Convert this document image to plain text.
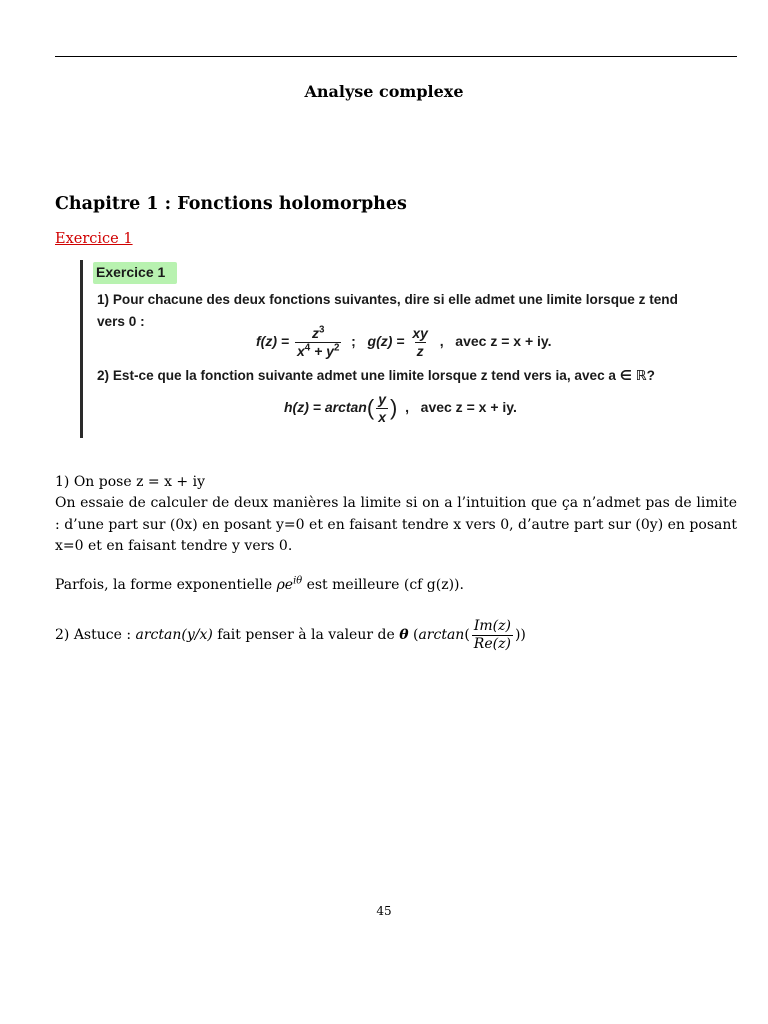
Analyse complexe
Chapitre 1 : Fonctions holomorphes
Exercice 1
Exercice 1
1) Pour chacune des deux fonctions suivantes, dire si elle admet une limite lorsque z tend
vers 0 :
$f(z) = \frac{z^3}{x^4 + y^2}$ ;   $g(z) = \frac{xy}{z}$ ,   avec z = x + iy.
2) Est-ce que la fonction suivante admet une limite lorsque z tend vers ia, avec a ∈ ℝ?
$h(z) = \arctan( \frac{y}{x}$ )  ,   avec z = x + iy.
1) On pose z = x + iy
On essaie de calculer de deux manières la limite si on a l’intuition que ça n’admet pas de limite : d’une part sur (0x) en posant y=0 et en faisant tendre x vers 0, d’autre part sur (0y) en posant x=0 et en faisant tendre y vers 0.
Parfois, la forme exponentielle $\rho e^{i\theta}$ est meilleure (cf g(z)).
2) Astuce : arctan(y/x) fait penser à la valeur de θ ($\arctan( \frac{Im(z)}{Re(z)}$ ))
45
